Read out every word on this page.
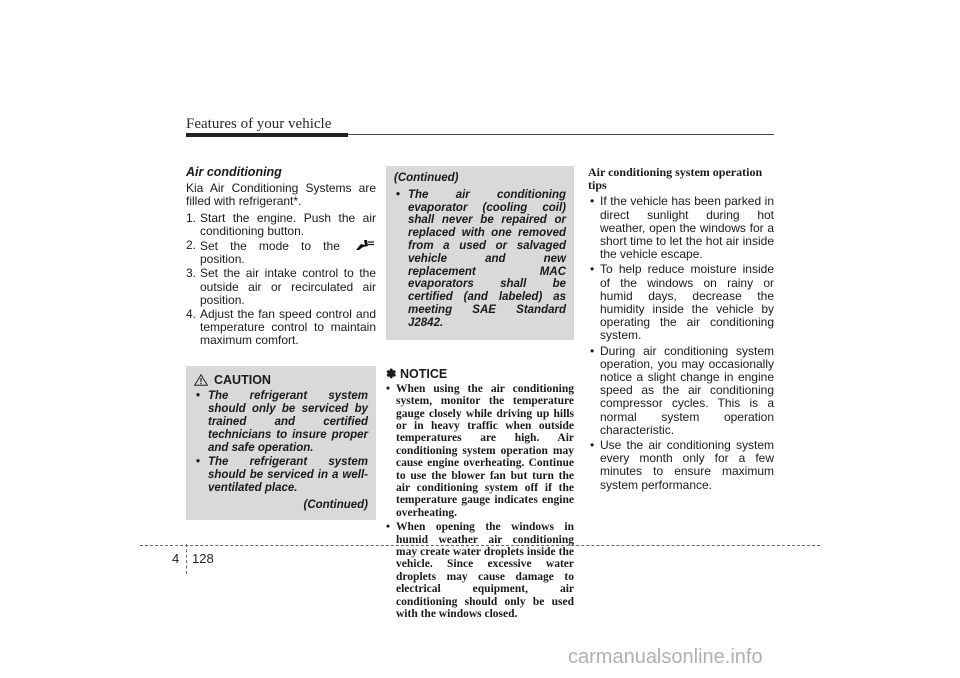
Features of your vehicle
Air conditioning

Kia Air Conditioning Systems are filled with refrigerant*.

1. Start the engine. Push the air conditioning button.
2. Set the mode to the  position.
3. Set the air intake control to the outside air or recirculated air position.
4. Adjust the fan speed control and temperature control to maintain maximum comfort.
CAUTION
• The refrigerant system should only be serviced by trained and certified technicians to insure proper and safe operation.
• The refrigerant system should be serviced in a well-ventilated place.
(Continued)
(Continued)
• The air conditioning evaporator (cooling coil) shall never be repaired or replaced with one removed from a used or salvaged vehicle and new replacement MAC evaporators shall be certified (and labeled) as meeting SAE Standard J2842.
✽ NOTICE
• When using the air conditioning system, monitor the temperature gauge closely while driving up hills or in heavy traffic when outside temperatures are high. Air conditioning system operation may cause engine overheating. Continue to use the blower fan but turn the air conditioning system off if the temperature gauge indicates engine overheating.
• When opening the windows in humid weather air conditioning may create water droplets inside the vehicle. Since excessive water droplets may cause damage to electrical equipment, air conditioning should only be used with the windows closed.
Air conditioning system operation tips
• If the vehicle has been parked in direct sunlight during hot weather, open the windows for a short time to let the hot air inside the vehicle escape.
• To help reduce moisture inside of the windows on rainy or humid days, decrease the humidity inside the vehicle by operating the air conditioning system.
• During air conditioning system operation, you may occasionally notice a slight change in engine speed as the air conditioning compressor cycles. This is a normal system operation characteristic.
• Use the air conditioning system every month only for a few minutes to ensure maximum system performance.
4 128
carmanualsonline.info
